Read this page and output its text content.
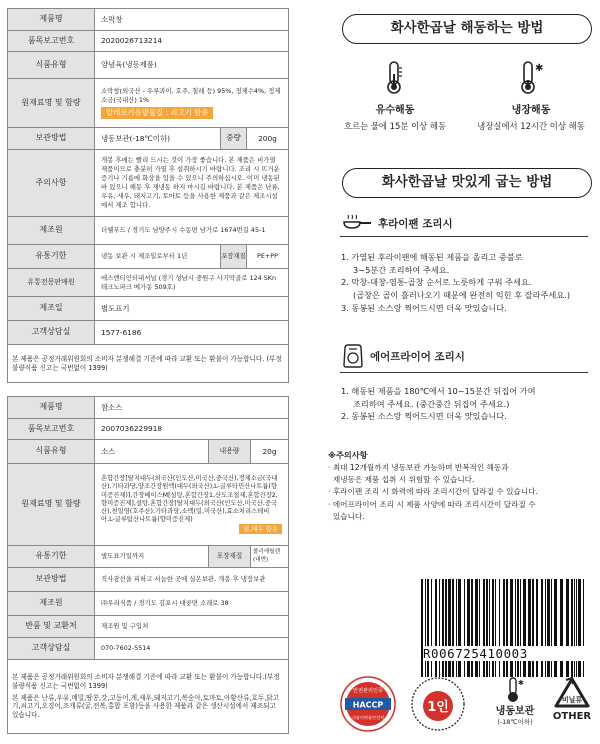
제품명	소막창		
품목보고번호	2020026713214		
식품유형	양념육(냉동제품)		
원재료명 및 함량	소막창(외국산 - 우루과이, 호주, 칠레 등) 95%, 정제수4%, 정제소금(국내산) 1%
알레르기유발물질 : 쇠고기 함유		
보관방법	냉동보관(-18℃이하)	중량	200g
주의사항	개봉 후에는 빨리 드시는 것이 가장 좋습니다. 본 제품은 비가열 제품이므로 충분히 가열 후 섭취하시기 바랍니다. 조리 시 뜨거운 증기나 기름에 화상을 입을 수 있으니 주의하십시오. 이미 냉동된 바 있으니 해동 후 재냉동 하지 마시길 바랍니다. 본 제품은 난류, 우유, 새우, 돼지고기, 토마토 등을 사용한 제품과 같은 제조시설에서 제조 합니다.		
제조원	더웰푸드 / 경기도 남양주시 수동면 남가로 1674번길 45-1		
유통기한	냉동 보관 시 제조일로부터 1년	포장재질	PE+PP
유통전문판매원	에스엔티인터내셔널 (경기 성남시 중원구 사기막골로 124 SKn 테크노파크 메가동 509호)		
제조일	별도표기		
고객상담실	1577-6186		
본 제품은 공정거래위원회의 소비자 분쟁해결 기준에 따라 교환 또는 환불이 가능합니다. (부정 불량식품 신고는 국번없이 1399)			
제품명	참소스		
품목보고번호	2007036229918		
식품유형	소스	내용량	20g
원재료명 및 함량	혼합간장[탈지대두(외국산(인도산,미국산,중국산),정제소금(국내산),기타과당,양조간장원액(대두(외국산),L-글루타민산나트륨(향미증진제)],간장베이스M[설탕,혼합간장1,산도조절제,혼합간장2,향미증진제],설탕,혼합간장[탈지대두(외국산(인도산,미국산,중국산),천일염(호주산),기타과당,소맥(밀,미국산),효소처리스테비아,L-글루탐산나트륨(향미증진제)
밀,대두 함유		

유통기한	별도표기일까지	포장재질	폴리에틸렌(내면)
보관방법	직사광선을 피하고 서늘한 곳에 실온보관, 개봉 후 냉장보관		
제조원	㈜우리식품 / 경기도 김포시 대곶면 소래로 38		
반품 및 교환처	제조원 및 구입처		
고객상담실	070-7602-5514		

본 제품은 공정거래위원회의 소비자 분쟁해결 기준에 따라 교환 또는 환불이 가능합니다.(부정 불량식품 신고는 국번없이 1399)
본 제품은 난류,우유,메밀,땅콩,갓,고등어,게,새우,돼지고기,복숭아,토마토,아황산류,호두,닭고기,쇠고기,오징어,조개류(굴,전복,홍합 포함)등을 사용한 제품과 같은 생산시설에서 제조되고 있습니다.			
화사한곱날 해동하는 방법
유수해동
흐르는 물에 15분 이상 해동
✱
냉장해동
냉장실에서 12시간 이상 해동
화사한곱날 맛있게 굽는 방법
후라이팬 조리시

1. 가열된 후라이팬에 해동된 제품을 올리고 중불로

3~5분간 조리하여 주세요.

2. 막창-대창-염통-곱창 순서로 노릇하게 구워 주세요.

(곱창은 곱이 흘러나오기 때문에 완전히 익힌 후 잘라주세요.)

3. 동봉된 소스랑 찍어드시면 더욱 맛있습니다.

에어프라이어 조리시

1. 해동된 제품을 180℃에서 10~15분간 뒤집어 가며

조리하여 주세요. (중간중간 뒤집어 주세요.)

2. 동봉된 소스랑 찍어드시면 더욱 맛있습니다.

※주의사항
· 최대 12개월까지 냉동보관 가능하며 반복적인 해동과
재냉동은 제품 섭취 시 위험할 수 있습니다.
· 후라이팬 조리 시 화력에 따라 조리시간이 달라질 수 있습니다.
· 에어프라이어 조리 시 제품 사양에 따라 조리시간이 달라질 수
있습니다.
R006725410003
안전관리인증
HACCP
식품의약품안전처
1인
✱
냉동보관
(-18℃이하)
비닐류
OTHER
